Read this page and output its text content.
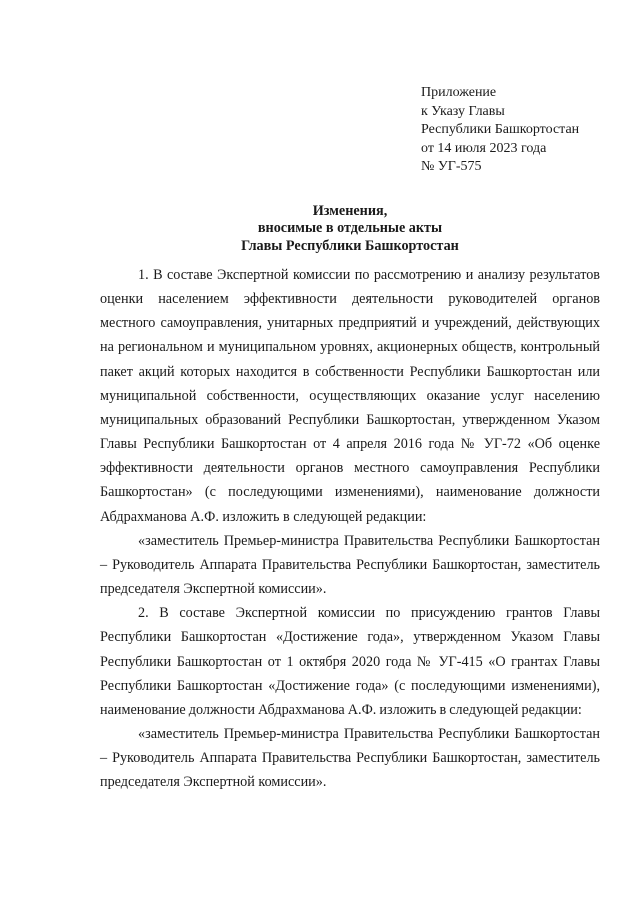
Приложение
к Указу Главы
Республики Башкортостан
от 14 июля 2023 года
№ УГ-575
Изменения,
вносимые в отдельные акты
Главы Республики Башкортостан

1. В составе Экспертной комиссии по рассмотрению и анализу результатов оценки населением эффективности деятельности руководителей органов местного самоуправления, унитарных предприятий и учреждений, действующих на региональном и муниципальном уровнях, акционерных обществ, контрольный пакет акций которых находится в собственности Республики Башкортостан или муниципальной собственности, осуществляющих оказание услуг населению муниципальных образований Республики Башкортостан, утвержденном Указом Главы Республики Башкортостан от 4 апреля 2016 года № УГ-72 «Об оценке эффективности деятельности органов местного самоуправления Республики Башкортостан» (с последующими изменениями), наименование должности Абдрахманова А.Ф. изложить в следующей редакции:

«заместитель Премьер-министра Правительства Республики Башкортостан – Руководитель Аппарата Правительства Республики Башкортостан, заместитель председателя Экспертной комиссии».

2. В составе Экспертной комиссии по присуждению грантов Главы Республики Башкортостан «Достижение года», утвержденном Указом Главы Республики Башкортостан от 1 октября 2020 года № УГ-415 «О грантах Главы Республики Башкортостан «Достижение года» (с последующими изменениями), наименование должности Абдрахманова А.Ф. изложить в следующей редакции:

«заместитель Премьер-министра Правительства Республики Башкортостан – Руководитель Аппарата Правительства Республики Башкортостан, заместитель председателя Экспертной комиссии».
